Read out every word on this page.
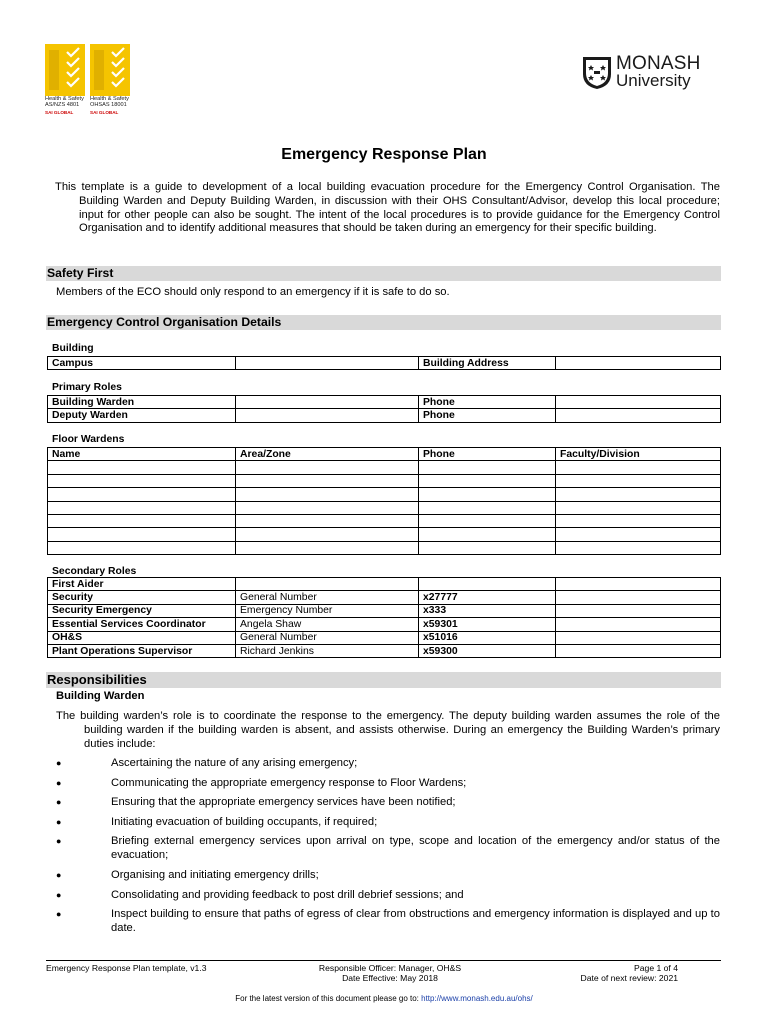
Health & Safety
AS/NZS 4801
SAI GLOBAL
Health & Safety
OHSAS 18001
SAI GLOBAL
MONASH
University
Emergency Response Plan
This template is a guide to development of a local building evacuation procedure for the Emergency Control Organisation. The Building Warden and Deputy Building Warden, in discussion with their OHS Consultant/Advisor, develop this local procedure; input for other people can also be sought. The intent of the local procedures is to provide guidance for the Emergency Control Organisation and to identify additional measures that should be taken during an emergency for their specific building.
Safety First
Members of the ECO should only respond to an emergency if it is safe to do so.
Emergency Control Organisation Details
Building
Campus		Building Address	
Primary Roles
Building Warden		Phone	
Deputy Warden		Phone	
Floor Wardens
Name	Area/Zone	Phone	Faculty/Division

Secondary Roles
First Aider			
Security	General Number	x27777	
Security Emergency	Emergency Number	x333	
Essential Services Coordinator	Angela Shaw	x59301	
OH&S	General Number	x51016	
Plant Operations Supervisor	Richard Jenkins	x59300	
Responsibilities
Building Warden
The building warden’s role is to coordinate the response to the emergency. The deputy building warden assumes the role of the building warden if the building warden is absent, and assists otherwise. During an emergency the Building Warden’s primary duties include:
●	Ascertaining the nature of any arising emergency;
●	Communicating the appropriate emergency response to Floor Wardens;
●	Ensuring that the appropriate emergency services have been notified;
●	Initiating evacuation of building occupants, if required;
●	Briefing external emergency services upon arrival on type, scope and location of the emergency and/or status of the evacuation;
●	Organising and initiating emergency drills;
●	Consolidating and providing feedback to post drill debrief sessions; and
●	Inspect building to ensure that paths of egress of clear from obstructions and emergency information is displayed and up to date.
Emergency Response Plan template, v1.3	Responsible Officer: Manager, OH&S
Date Effective: May 2018
Page 1 of 4
Date of next review: 2021
For the latest version of this document please go to: http://www.monash.edu.au/ohs/
